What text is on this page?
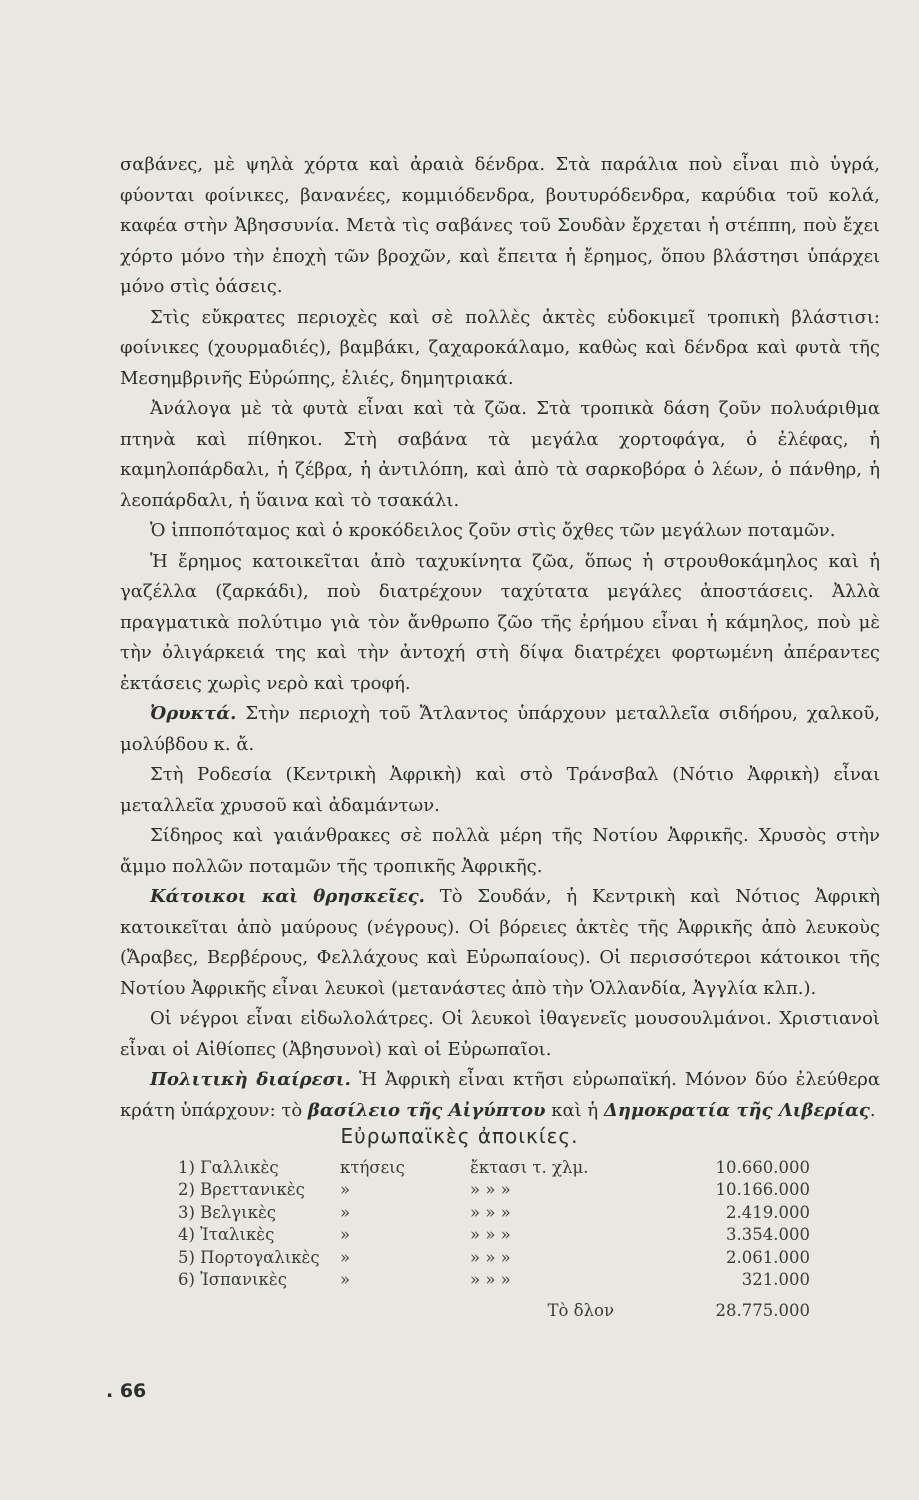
σαβάνες, μὲ ψηλὰ χόρτα καὶ ἀραιὰ δένδρα. Στὰ παράλια ποὺ εἶναι πιὸ ὑγρά, φύονται φοίνικες, βανανέες, κομμιόδενδρα, βουτυρόδενδρα, καρύδια τοῦ κολά, καφέα στὴν Ἀβησσυνία. Μετὰ τὶς σαβάνες τοῦ Σουδὰν ἔρχεται ἡ στέππη, ποὺ ἔχει χόρτο μόνο τὴν ἐποχὴ τῶν βροχῶν, καὶ ἔπειτα ἡ ἔρημος, ὅπου βλάστησι ὑπάρχει μόνο στὶς ὀάσεις.

Στὶς εὔκρατες περιοχὲς καὶ σὲ πολλὲς ἀκτὲς εὐδοκιμεῖ τροπικὴ βλάστισι: φοίνικες (χουρμαδιές), βαμβάκι, ζαχαροκάλαμο, καθὼς καὶ δένδρα καὶ φυτὰ τῆς Μεσημβρινῆς Εὐρώπης, ἐλιές, δημητριακά.

Ἀνάλογα μὲ τὰ φυτὰ εἶναι καὶ τὰ ζῶα. Στὰ τροπικὰ δάση ζοῦν πολυάριθμα πτηνὰ καὶ πίθηκοι. Στὴ σαβάνα τὰ μεγάλα χορτοφάγα, ὁ ἐλέφας, ἡ καμηλοπάρδαλι, ἡ ζέβρα, ἡ ἀντιλόπη, καὶ ἀπὸ τὰ σαρκοβόρα ὁ λέων, ὁ πάνθηρ, ἡ λεοπάρδαλι, ἡ ὕαινα καὶ τὸ τσακάλι.

Ὁ ἱπποπόταμος καὶ ὁ κροκόδειλος ζοῦν στὶς ὄχθες τῶν μεγάλων ποταμῶν.

Ἡ ἔρημος κατοικεῖται ἀπὸ ταχυκίνητα ζῶα, ὅπως ἡ στρουθοκάμηλος καὶ ἡ γαζέλλα (ζαρκάδι), ποὺ διατρέχουν ταχύτατα μεγάλες ἀποστάσεις. Ἀλλὰ πραγματικὰ πολύτιμο γιὰ τὸν ἄνθρωπο ζῶο τῆς ἐρήμου εἶναι ἡ κάμηλος, ποὺ μὲ τὴν ὀλιγάρκειά της καὶ τὴν ἀντοχή στὴ δίψα διατρέχει φορτωμένη ἀπέραντες ἐκτάσεις χωρὶς νερὸ καὶ τροφή.

Ὀρυκτά. Στὴν περιοχὴ τοῦ Ἄτλαντος ὑπάρχουν μεταλλεῖα σιδήρου, χαλκοῦ, μολύβδου κ. ἄ.

Στὴ Ροδεσία (Κεντρικὴ Ἀφρικὴ) καὶ στὸ Τράνσβαλ (Νότιο Ἀφρικὴ) εἶναι μεταλλεῖα χρυσοῦ καὶ ἀδαμάντων.

Σίδηρος καὶ γαιάνθρακες σὲ πολλὰ μέρη τῆς Νοτίου Ἀφρικῆς. Χρυσὸς στὴν ἄμμο πολλῶν ποταμῶν τῆς τροπικῆς Ἀφρικῆς.

Κάτοικοι καὶ θρησκεῖες. Τὸ Σουδάν, ἡ Κεντρικὴ καὶ Νότιος Ἀφρικὴ κατοικεῖται ἀπὸ μαύρους (νέγρους). Οἱ βόρειες ἀκτὲς τῆς Ἀφρικῆς ἀπὸ λευκοὺς (Ἄραβες, Βερβέρους, Φελλάχους καὶ Εὐρωπαίους). Οἱ περισσότεροι κάτοικοι τῆς Νοτίου Ἀφρικῆς εἶναι λευκοὶ (μετανάστες ἀπὸ τὴν Ὁλλανδία, Ἀγγλία κλπ.).

Οἱ νέγροι εἶναι εἰδωλολάτρες. Οἱ λευκοὶ ἰθαγενεῖς μουσουλμάνοι. Χριστιανοὶ εἶναι οἱ Αἰθίοπες (Ἀβησυνοὶ) καὶ οἱ Εὐρωπαῖοι.

Πολιτικὴ διαίρεσι. Ἡ Ἀφρικὴ εἶναι κτῆσι εὐρωπαϊκή. Μόνον δύο ἐλεύθερα κράτη ὑπάρχουν: τὸ βασίλειο τῆς Αἰγύπτου καὶ ἡ Δημοκρατία τῆς Λιβερίας.

Εὐρωπαϊκὲς ἀποικίες.
1) Γαλλικὲς	κτήσεις	ἔκτασι τ. χλμ.	10.660.000
2) Βρεττανικὲς	»	» » »	10.166.000
3) Βελγικὲς	»	» » »	2.419.000
4) Ἰταλικὲς	»	» » »	3.354.000
5) Πορτογαλικὲς	»	» » »	2.061.000
6) Ἰσπανικὲς	»	» » »	321.000
		Τὸ δλον	28.775.000
. 66
